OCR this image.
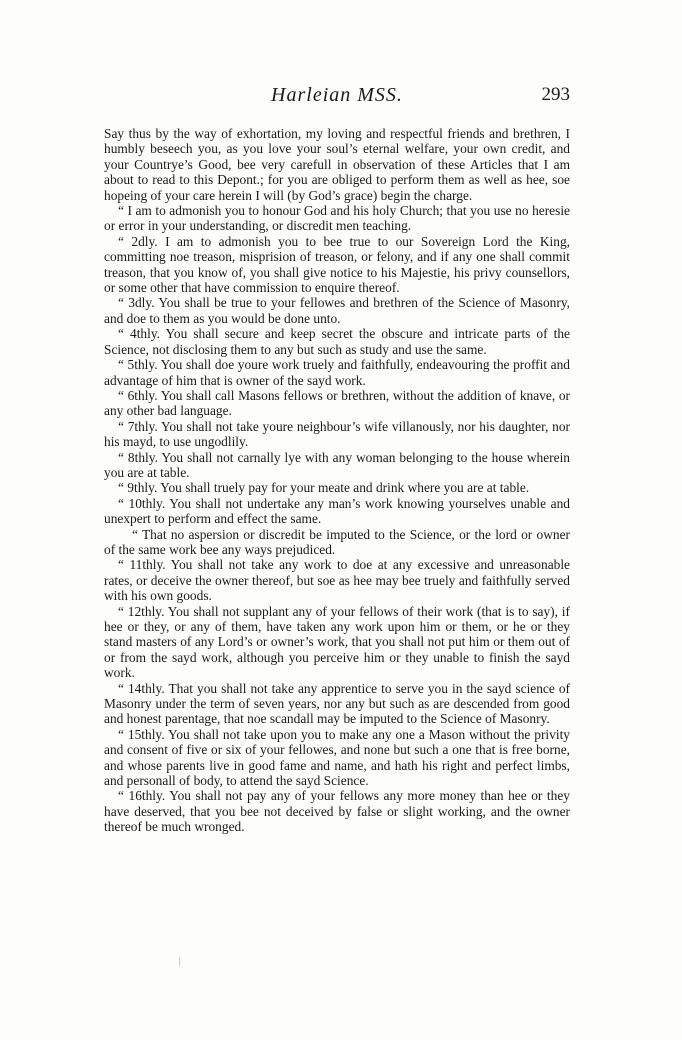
Harleian MSS.	293

Say thus by the way of exhortation, my loving and respectful friends and brethren, I humbly beseech you, as you love your soul’s eternal welfare, your own credit, and your Countrye’s Good, bee very carefull in observation of these Articles that I am about to read to this Depont.; for you are obliged to perform them as well as hee, soe hopeing of your care herein I will (by God’s grace) begin the charge.

“ I am to admonish you to honour God and his holy Church; that you use no heresie or error in your understanding, or discredit men teaching.

“ 2dly. I am to admonish you to bee true to our Sovereign Lord the King, committing noe treason, misprision of treason, or felony, and if any one shall commit treason, that you know of, you shall give notice to his Majestie, his privy counsellors, or some other that have commission to enquire thereof.

“ 3dly. You shall be true to your fellowes and brethren of the Science of Masonry, and doe to them as you would be done unto.

“ 4thly. You shall secure and keep secret the obscure and intricate parts of the Science, not disclosing them to any but such as study and use the same.

“ 5thly. You shall doe youre work truely and faithfully, endeavouring the proffit and advantage of him that is owner of the sayd work.

“ 6thly. You shall call Masons fellows or brethren, without the addition of knave, or any other bad language.

“ 7thly. You shall not take youre neighbour’s wife villanously, nor his daughter, nor his mayd, to use ungodlily.

“ 8thly. You shall not carnally lye with any woman belonging to the house wherein you are at table.

“ 9thly. You shall truely pay for your meate and drink where you are at table.

“ 10thly. You shall not undertake any man’s work knowing yourselves unable and unexpert to perform and effect the same.

“ That no aspersion or discredit be imputed to the Science, or the lord or owner of the same work bee any ways prejudiced.

“ 11thly. You shall not take any work to doe at any excessive and unreasonable rates, or deceive the owner thereof, but soe as hee may bee truely and faithfully served with his own goods.

“ 12thly. You shall not supplant any of your fellows of their work (that is to say), if hee or they, or any of them, have taken any work upon him or them, or he or they stand masters of any Lord’s or owner’s work, that you shall not put him or them out of or from the sayd work, although you perceive him or they unable to finish the sayd work.

“ 14thly. That you shall not take any apprentice to serve you in the sayd science of Masonry under the term of seven years, nor any but such as are descended from good and honest parentage, that noe scandall may be imputed to the Science of Masonry.

“ 15thly. You shall not take upon you to make any one a Mason without the privity and consent of five or six of your fellowes, and none but such a one that is free borne, and whose parents live in good fame and name, and hath his right and perfect limbs, and personall of body, to attend the sayd Science.

“ 16thly. You shall not pay any of your fellows any more money than hee or they have deserved, that you bee not deceived by false or slight working, and the owner thereof be much wronged.
